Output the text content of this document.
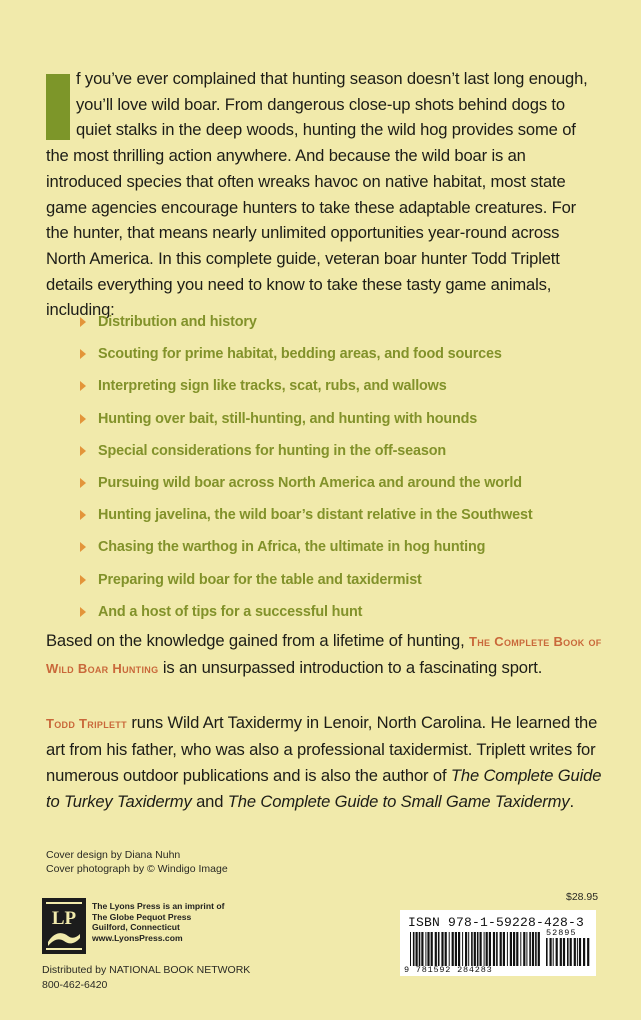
f you’ve ever complained that hunting season doesn’t last long enough, you’ll love wild boar. From dangerous close-up shots behind dogs to quiet stalks in the deep woods, hunting the wild hog provides some of the most thrilling action anywhere. And because the wild boar is an introduced species that often wreaks havoc on native habitat, most state game agencies encourage hunters to take these adaptable creatures. For the hunter, that means nearly unlimited opportunities year-round across North America. In this complete guide, veteran boar hunter Todd Triplett details everything you need to know to take these tasty game animals, including:
Distribution and history
Scouting for prime habitat, bedding areas, and food sources
Interpreting sign like tracks, scat, rubs, and wallows
Hunting over bait, still-hunting, and hunting with hounds
Special considerations for hunting in the off-season
Pursuing wild boar across North America and around the world
Hunting javelina, the wild boar’s distant relative in the Southwest
Chasing the warthog in Africa, the ultimate in hog hunting
Preparing wild boar for the table and taxidermist
And a host of tips for a successful hunt
Based on the knowledge gained from a lifetime of hunting, The Complete Book of Wild Boar Hunting is an unsurpassed introduction to a fascinating sport.
Todd Triplett runs Wild Art Taxidermy in Lenoir, North Carolina. He learned the art from his father, who was also a professional taxidermist. Triplett writes for numerous outdoor publications and is also the author of The Complete Guide to Turkey Taxidermy and The Complete Guide to Small Game Taxidermy.
Cover design by Diana Nuhn
Cover photograph by © Windigo Image
LP
The Lyons Press is an imprint of
The Globe Pequot Press
Guilford, Connecticut
www.LyonsPress.com
Distributed by NATIONAL BOOK NETWORK
800-462-6420
$28.95
ISBN 978-1-59228-428-3
9 781592 284283
52895
